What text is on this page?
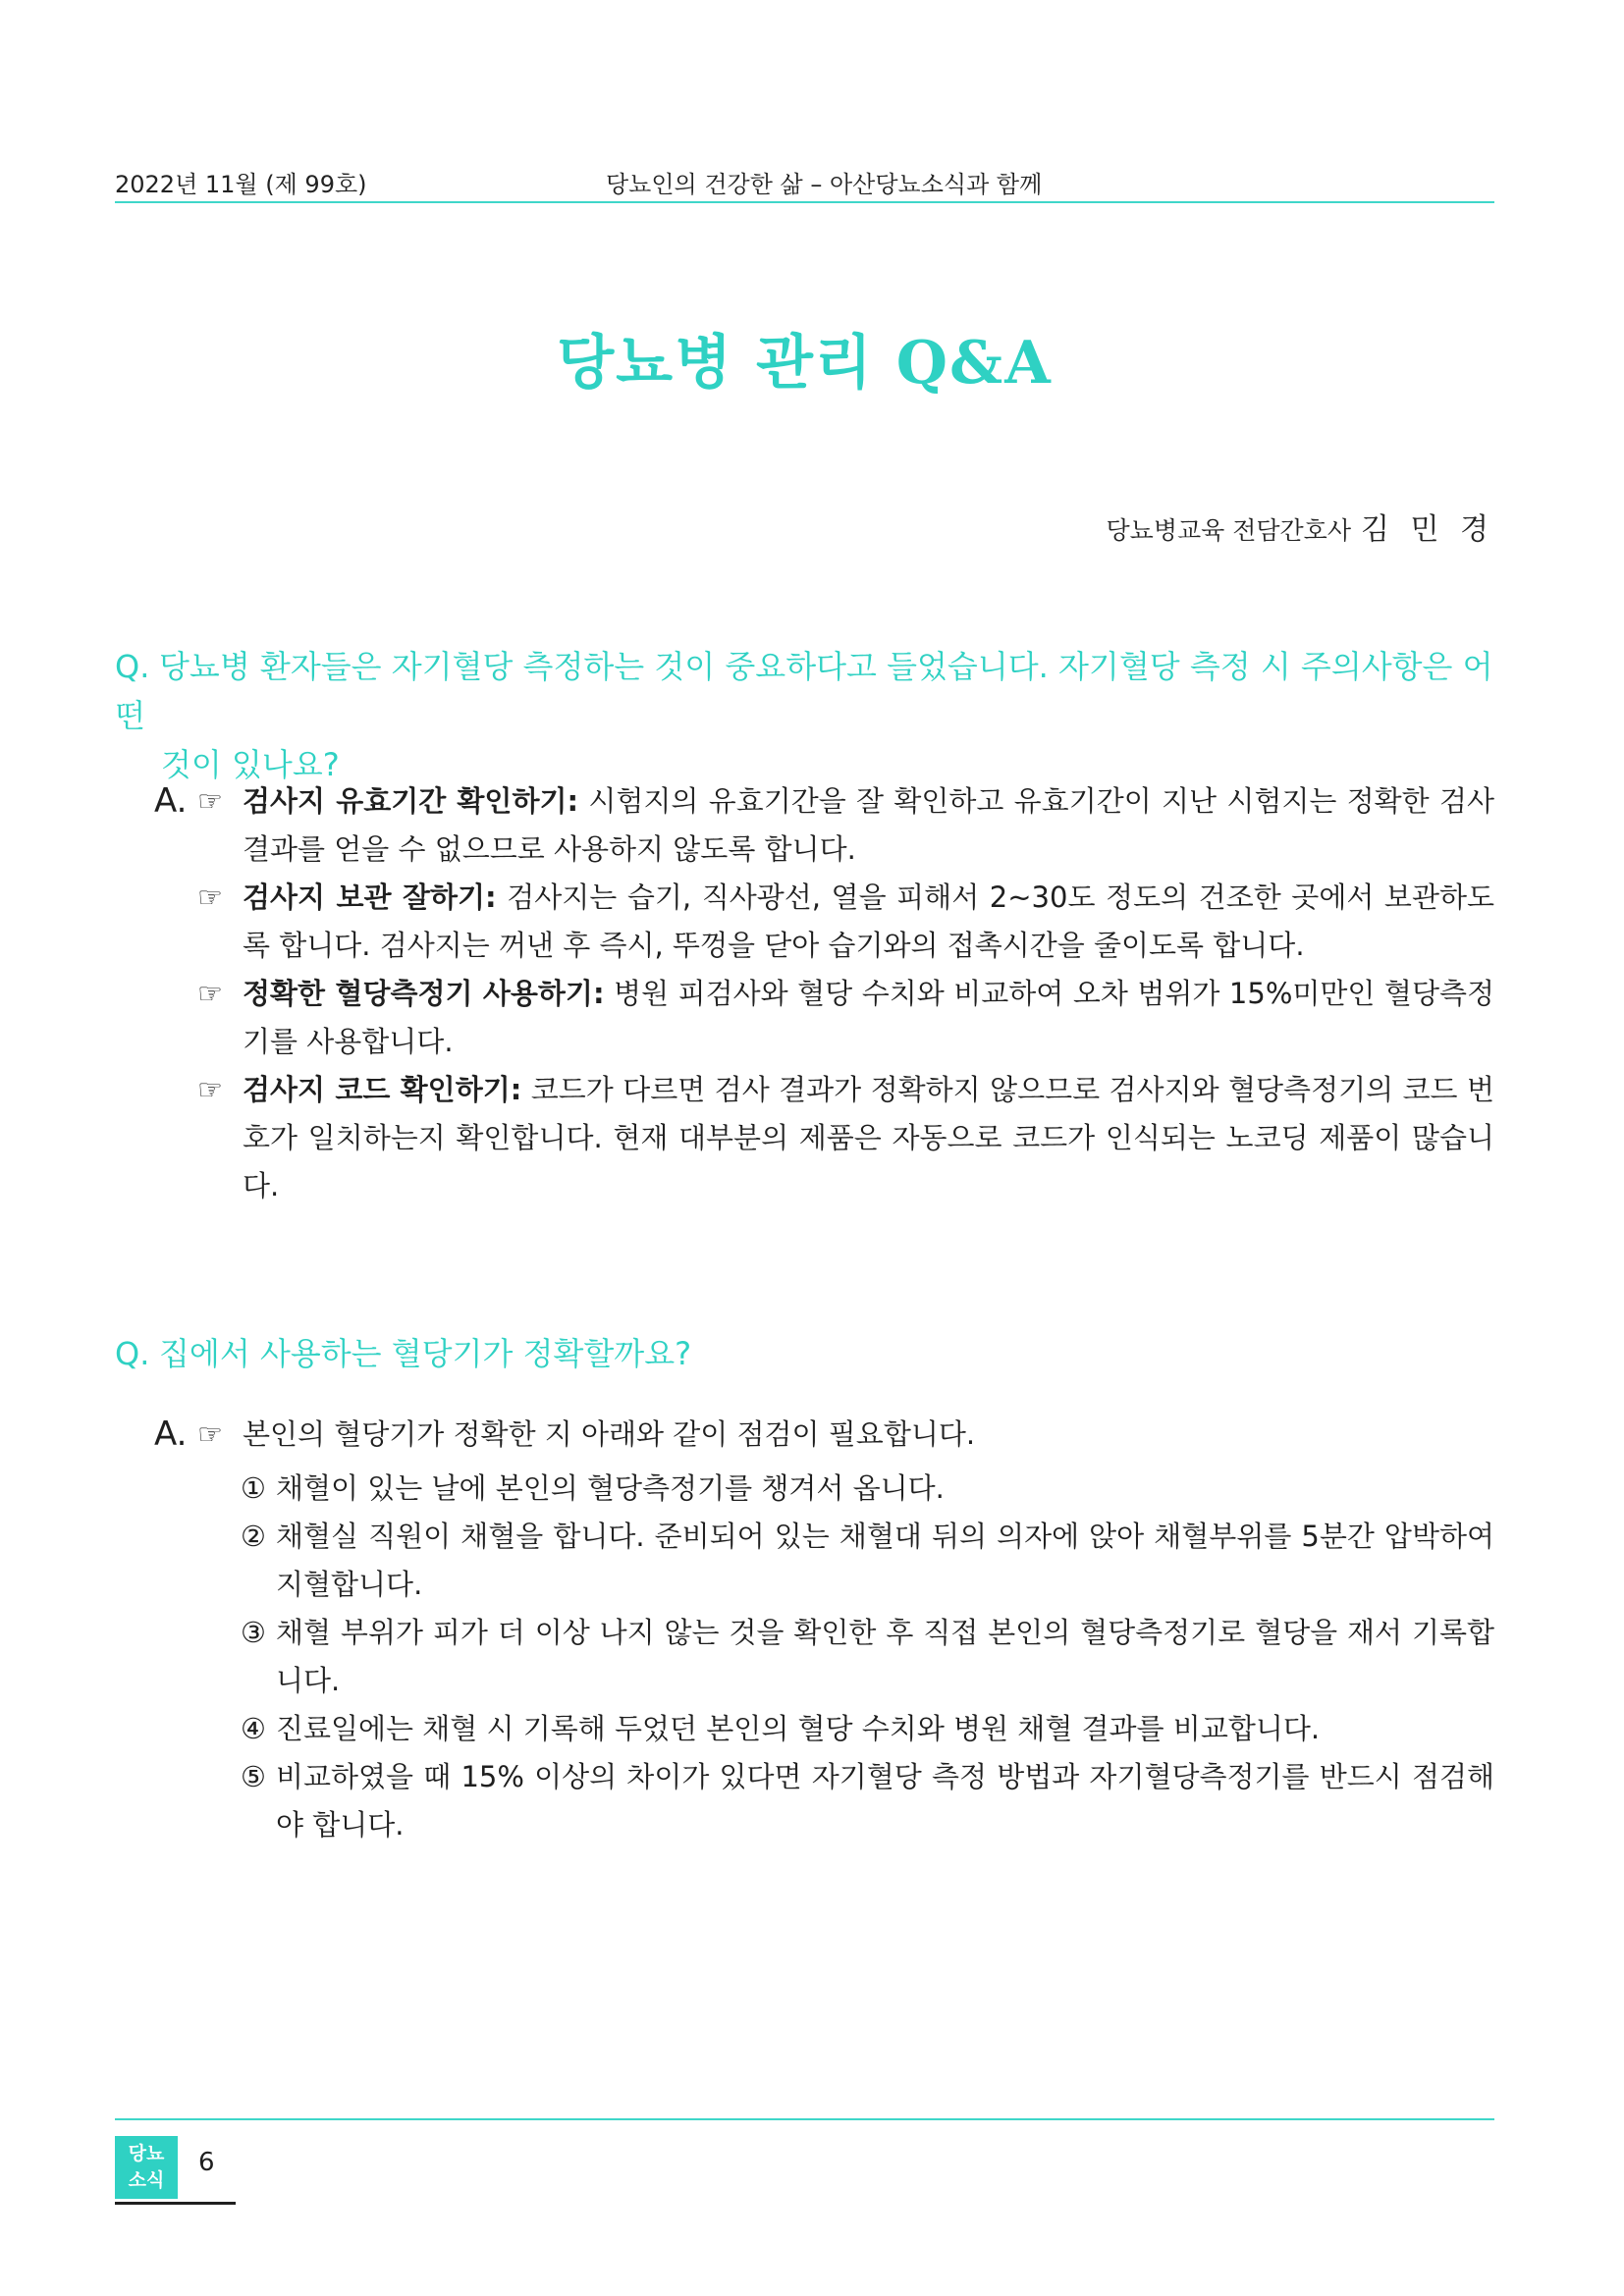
2022년 11월 (제 99호)	당뇨인의 건강한 삶 – 아산당뇨소식과 함께
당뇨병 관리 Q&A
당뇨병교육 전담간호사 김 민 경
Q. 당뇨병 환자들은 자기혈당 측정하는 것이 중요하다고 들었습니다. 자기혈당 측정 시 주의사항은 어떤
것이 있나요?
A. ☞ 검사지 유효기간 확인하기: 시험지의 유효기간을 잘 확인하고 유효기간이 지난 시험지는 정확한 검사 결과를 얻을 수 없으므로 사용하지 않도록 합니다.
☞ 검사지 보관 잘하기: 검사지는 습기, 직사광선, 열을 피해서 2~30도 정도의 건조한 곳에서 보관하도록 합니다. 검사지는 꺼낸 후 즉시, 뚜껑을 닫아 습기와의 접촉시간을 줄이도록 합니다.
☞ 정확한 혈당측정기 사용하기: 병원 피검사와 혈당 수치와 비교하여 오차 범위가 15%미만인 혈당측정기를 사용합니다.
☞ 검사지 코드 확인하기: 코드가 다르면 검사 결과가 정확하지 않으므로 검사지와 혈당측정기의 코드 번호가 일치하는지 확인합니다. 현재 대부분의 제품은 자동으로 코드가 인식되는 노코딩 제품이 많습니다.
Q. 집에서 사용하는 혈당기가 정확할까요?
A. ☞ 본인의 혈당기가 정확한 지 아래와 같이 점검이 필요합니다.
① 채혈이 있는 날에 본인의 혈당측정기를 챙겨서 옵니다.
② 채혈실 직원이 채혈을 합니다. 준비되어 있는 채혈대 뒤의 의자에 앉아 채혈부위를 5분간 압박하여 지혈합니다.
③ 채혈 부위가 피가 더 이상 나지 않는 것을 확인한 후 직접 본인의 혈당측정기로 혈당을 재서 기록합니다.
④ 진료일에는 채혈 시 기록해 두었던 본인의 혈당 수치와 병원 채혈 결과를 비교합니다.
⑤ 비교하였을 때 15% 이상의 차이가 있다면 자기혈당 측정 방법과 자기혈당측정기를 반드시 점검해야 합니다.
당뇨
소식
6
